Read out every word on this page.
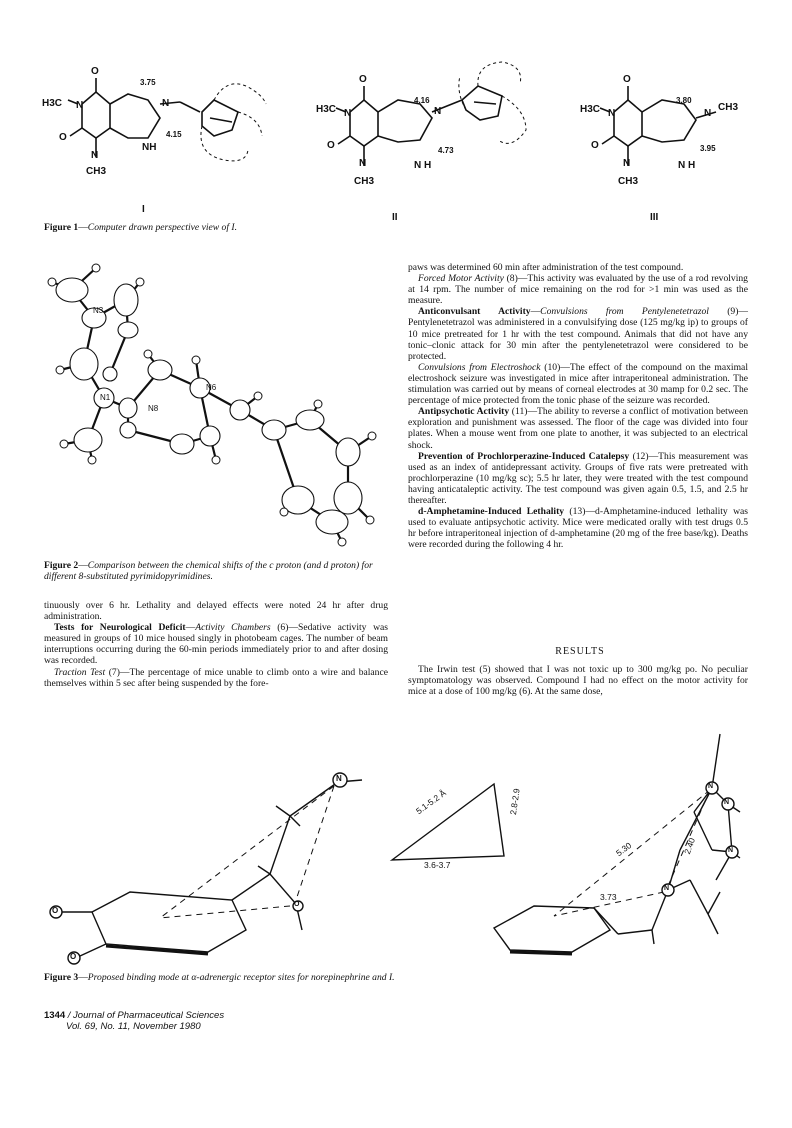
H3C
O
N
O
N
CH3
NH
N
3.75
4.15
I
H3C
O
N
O
N
CH3
N H
N
4.16
4.73
II
H3C
O
N
O
N
CH3
N H
N
CH3
3.80
3.95
III
Figure 1—Computer drawn perspective view of I.
N3
N1
N8
N6
Figure 2—Comparison between the chemical shifts of the c proton (and d proton) for different 8-substituted pyrimidopyrimidines.

tinuously over 6 hr. Lethality and delayed effects were noted 24 hr after drug administration.

Tests for Neurological Deficit—Activity Chambers (6)—Sedative activity was measured in groups of 10 mice housed singly in photobeam cages. The number of beam interruptions occurring during the 60-min periods immediately prior to and after dosing was recorded.

Traction Test (7)—The percentage of mice unable to climb onto a wire and balance themselves within 5 sec after being suspended by the fore-

paws was determined 60 min after administration of the test compound.

Forced Motor Activity (8)—This activity was evaluated by the use of a rod revolving at 14 rpm. The number of mice remaining on the rod for >1 min was used as the measure.

Anticonvulsant Activity—Convulsions from Pentylenetetrazol (9)—Pentylenetetrazol was administered in a convulsifying dose (125 mg/kg ip) to groups of 10 mice pretreated for 1 hr with the test compound. Animals that did not have any tonic–clonic attack for 30 min after the pentylenetetrazol were considered to be protected.

Convulsions from Electroshock (10)—The effect of the compound on the maximal electroshock seizure was investigated in mice after intraperitoneal administration. The stimulation was carried out by means of corneal electrodes at 30 mamp for 0.2 sec. The percentage of mice protected from the tonic phase of the seizure was recorded.

Antipsychotic Activity (11)—The ability to reverse a conflict of motivation between exploration and punishment was assessed. The floor of the cage was divided into four plates. When a mouse went from one plate to another, it was subjected to an electrical shock.

Prevention of Prochlorperazine-Induced Catalepsy (12)—This measurement was used as an index of antidepressant activity. Groups of five rats were pretreated with prochlorperazine (10 mg/kg sc); 5.5 hr later, they were treated with the test compound having anticataleptic activity. The test compound was given again 0.5, 1.5, and 2.5 hr thereafter.

d-Amphetamine-Induced Lethality (13)—d-Amphetamine-induced lethality was used to evaluate antipsychotic activity. Mice were medicated orally with test drugs 0.5 hr before intraperitoneal injection of d-amphetamine (20 mg of the free base/kg). Deaths were recorded during the following 4 hr.

RESULTS

The Irwin test (5) showed that I was not toxic up to 300 mg/kg po. No peculiar symptomatology was observed. Compound I had no effect on the motor activity for mice at a dose of 100 mg/kg (6). At the same dose,

O
O
O
N
5.1-5.2 Å	2.8-2.9
3.6-3.7
5.30	2.40
3.73
N
N
N
N
Figure 3—Proposed binding mode at α-adrenergic receptor sites for norepinephrine and I.
1344 / Journal of Pharmaceutical Sciences
Vol. 69, No. 11, November 1980
